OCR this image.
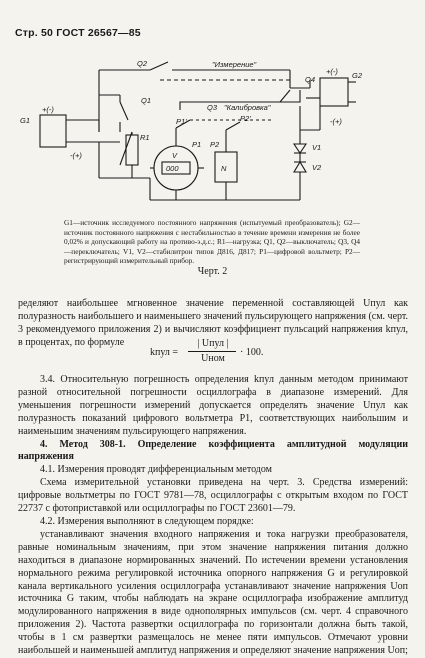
Стр. 50 ГОСТ 26567—85
G1
+(-)
-(+)
Q2	"Измерение"
Q1
R1
Q3 "Калибровка"
P1'	P2'
P1 P2
V
000	N
Q4	G2
+(-)
-(+)
V1
V2
G1—источник исследуемого постоянного напряжения (испытуемый преобразователь); G2—источник постоянного напряжения с нестабильностью в течение времени измерения не более 0,02% и допускающий работу на противо-э.д.с.; R1—нагрузка; Q1, Q2—выключатель; Q3, Q4—переключатель; V1, V2—стабилитрон типов Д816, Д817; P1—цифровой вольтметр; P2—регистрирующий измерительный прибор.
Черт. 2

ределяют наибольшее мгновенное значение переменной составляющей Uпул как полуразность наибольшего и наименьшего значений пульсирующего напряжения (см. черт. 3 рекомендуемого приложения 2) и вычисляют коэффициент пульсаций напряжения kпул, в процентах, по формуле

kпул =
| Uпул |
Uном
· 100.

3.4. Относительную погрешность определения kпул данным методом принимают разной относительной погрешности осциллографа в диапазоне измерений. Для уменьшения погрешности измерений допускается определять значение Uпул как полуразность показаний цифрового вольтметра P1, соответствующих наибольшим и наименьшим значениям пульсирующего напряжения.

4. Метод 308-1. Определение коэффициента амплитудной модуляции напряжения

4.1. Измерения проводят дифференциальным методом

Схема измерительной установки приведена на черт. 3. Средства измерений: цифровые вольтметры по ГОСТ 9781—78, осциллографы с открытым входом по ГОСТ 22737 с фотоприставкой или осциллографы по ГОСТ 23601—79.

4.2. Измерения выполняют в следующем порядке:

устанавливают значения входного напряжения и тока нагрузки преобразователя, равные номинальным значениям, при этом значение напряжения питания должно находиться в диапазоне нормированных значений. По истечении времени установления нормального режима регулировкой источника опорного напряжения G и регулировкой канала вертикального усиления осциллографа устанавливают значение напряжения Uоп источника G таким, чтобы наблюдать на экране осциллографа изображение амплитуд модулированного напряжения в виде однополярных импульсов (см. черт. 4 справочного приложения 2). Частота развертки осциллографа по горизонтали должна быть такой, чтобы в 1 см развертки размещалось не менее пяти импульсов. Отмечают уровни наибольшей и наименьшей амплитуд напряжения и определяют значение напряжения Uоп;
